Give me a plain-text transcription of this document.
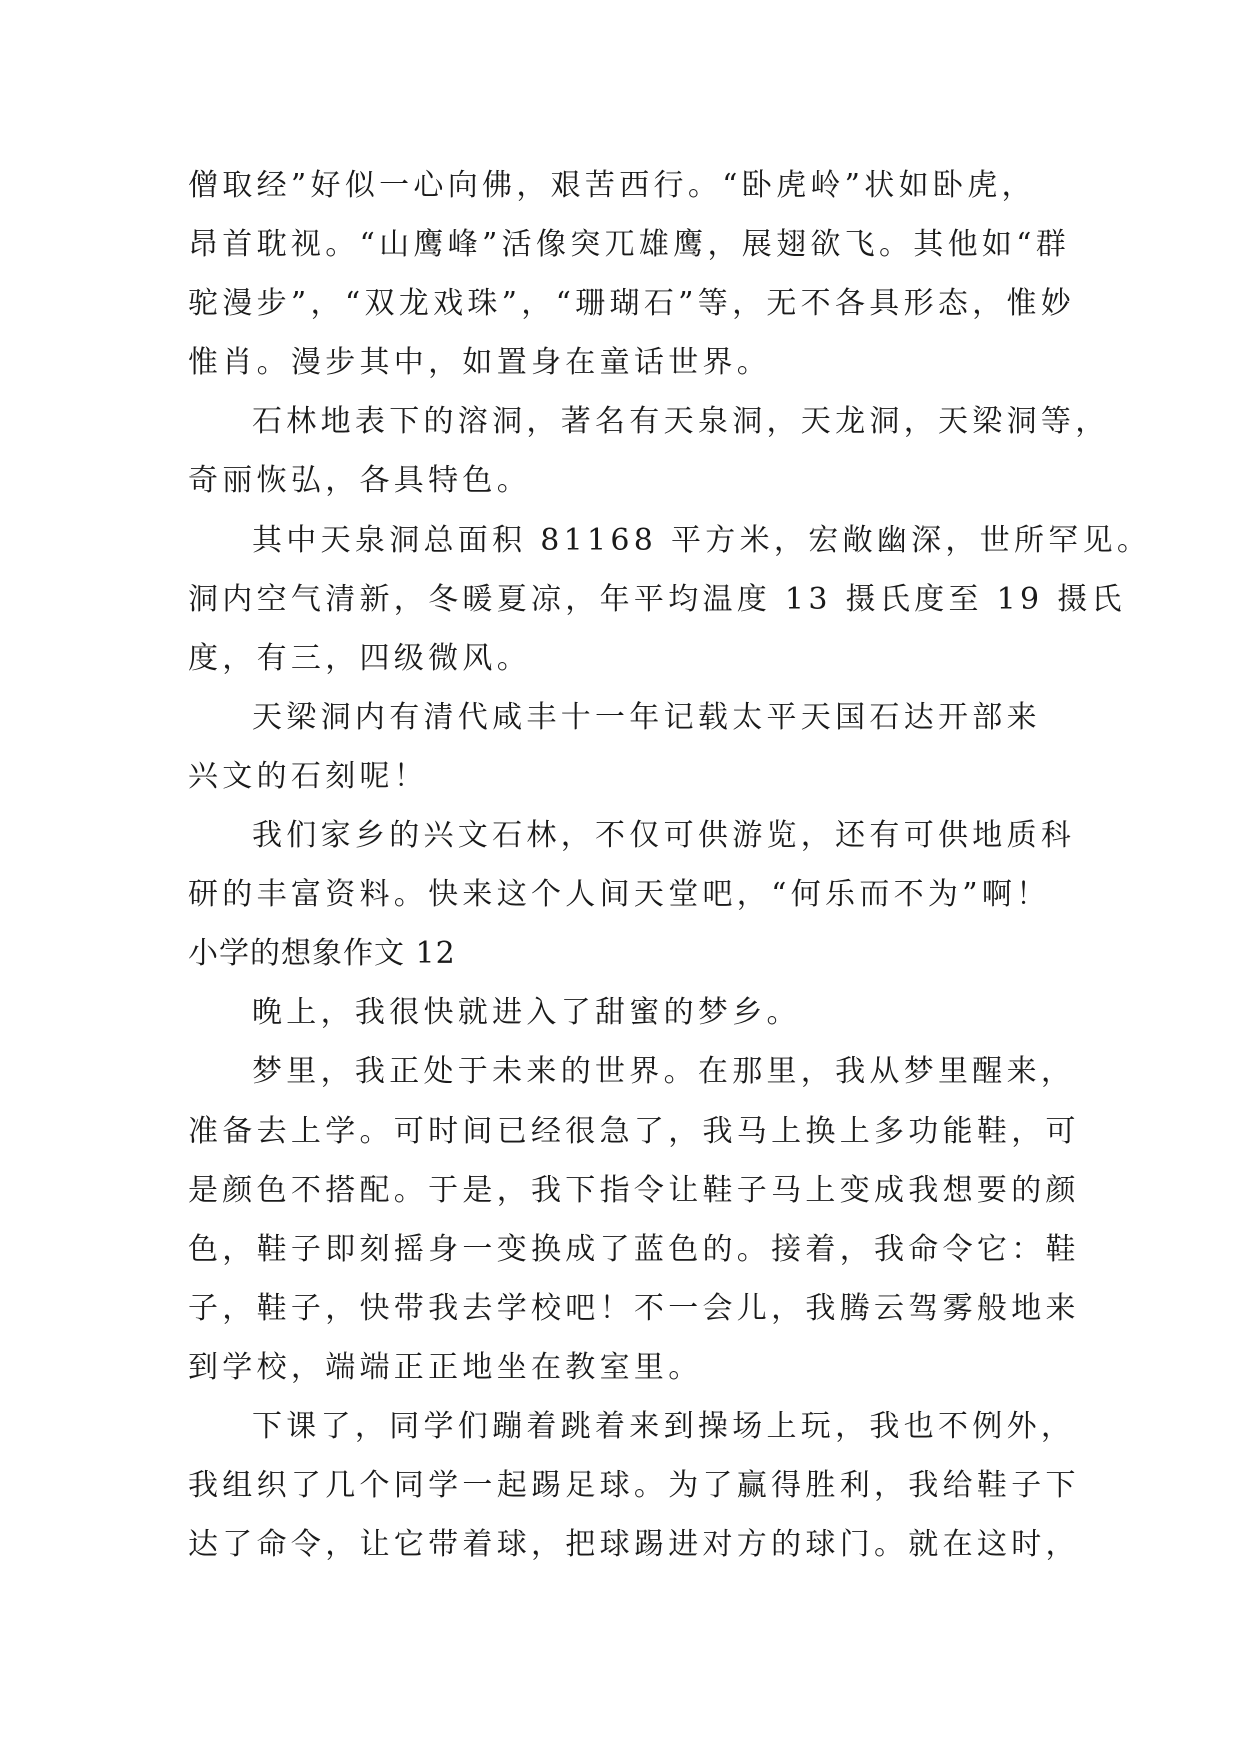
僧取经”好似一心向佛，艰苦西行。“卧虎岭”状如卧虎，
昂首耽视。“山鹰峰”活像突兀雄鹰，展翅欲飞。其他如“群
驼漫步”，“双龙戏珠”，“珊瑚石”等，无不各具形态，惟妙
惟肖。漫步其中，如置身在童话世界。
石林地表下的溶洞，著名有天泉洞，天龙洞，天梁洞等，
奇丽恢弘，各具特色。
其中天泉洞总面积 81168 平方米，宏敞幽深，世所罕见。
洞内空气清新，冬暖夏凉，年平均温度 13 摄氏度至 19 摄氏
度，有三，四级微风。
天梁洞内有清代咸丰十一年记载太平天国石达开部来
兴文的石刻呢！
我们家乡的兴文石林，不仅可供游览，还有可供地质科
研的丰富资料。快来这个人间天堂吧，“何乐而不为”啊！
小学的想象作文 12
晚上，我很快就进入了甜蜜的梦乡。
梦里，我正处于未来的世界。在那里，我从梦里醒来，
准备去上学。可时间已经很急了，我马上换上多功能鞋，可
是颜色不搭配。于是，我下指令让鞋子马上变成我想要的颜
色，鞋子即刻摇身一变换成了蓝色的。接着，我命令它：鞋
子，鞋子，快带我去学校吧！不一会儿，我腾云驾雾般地来
到学校，端端正正地坐在教室里。
下课了，同学们蹦着跳着来到操场上玩，我也不例外，
我组织了几个同学一起踢足球。为了赢得胜利，我给鞋子下
达了命令，让它带着球，把球踢进对方的球门。就在这时，
